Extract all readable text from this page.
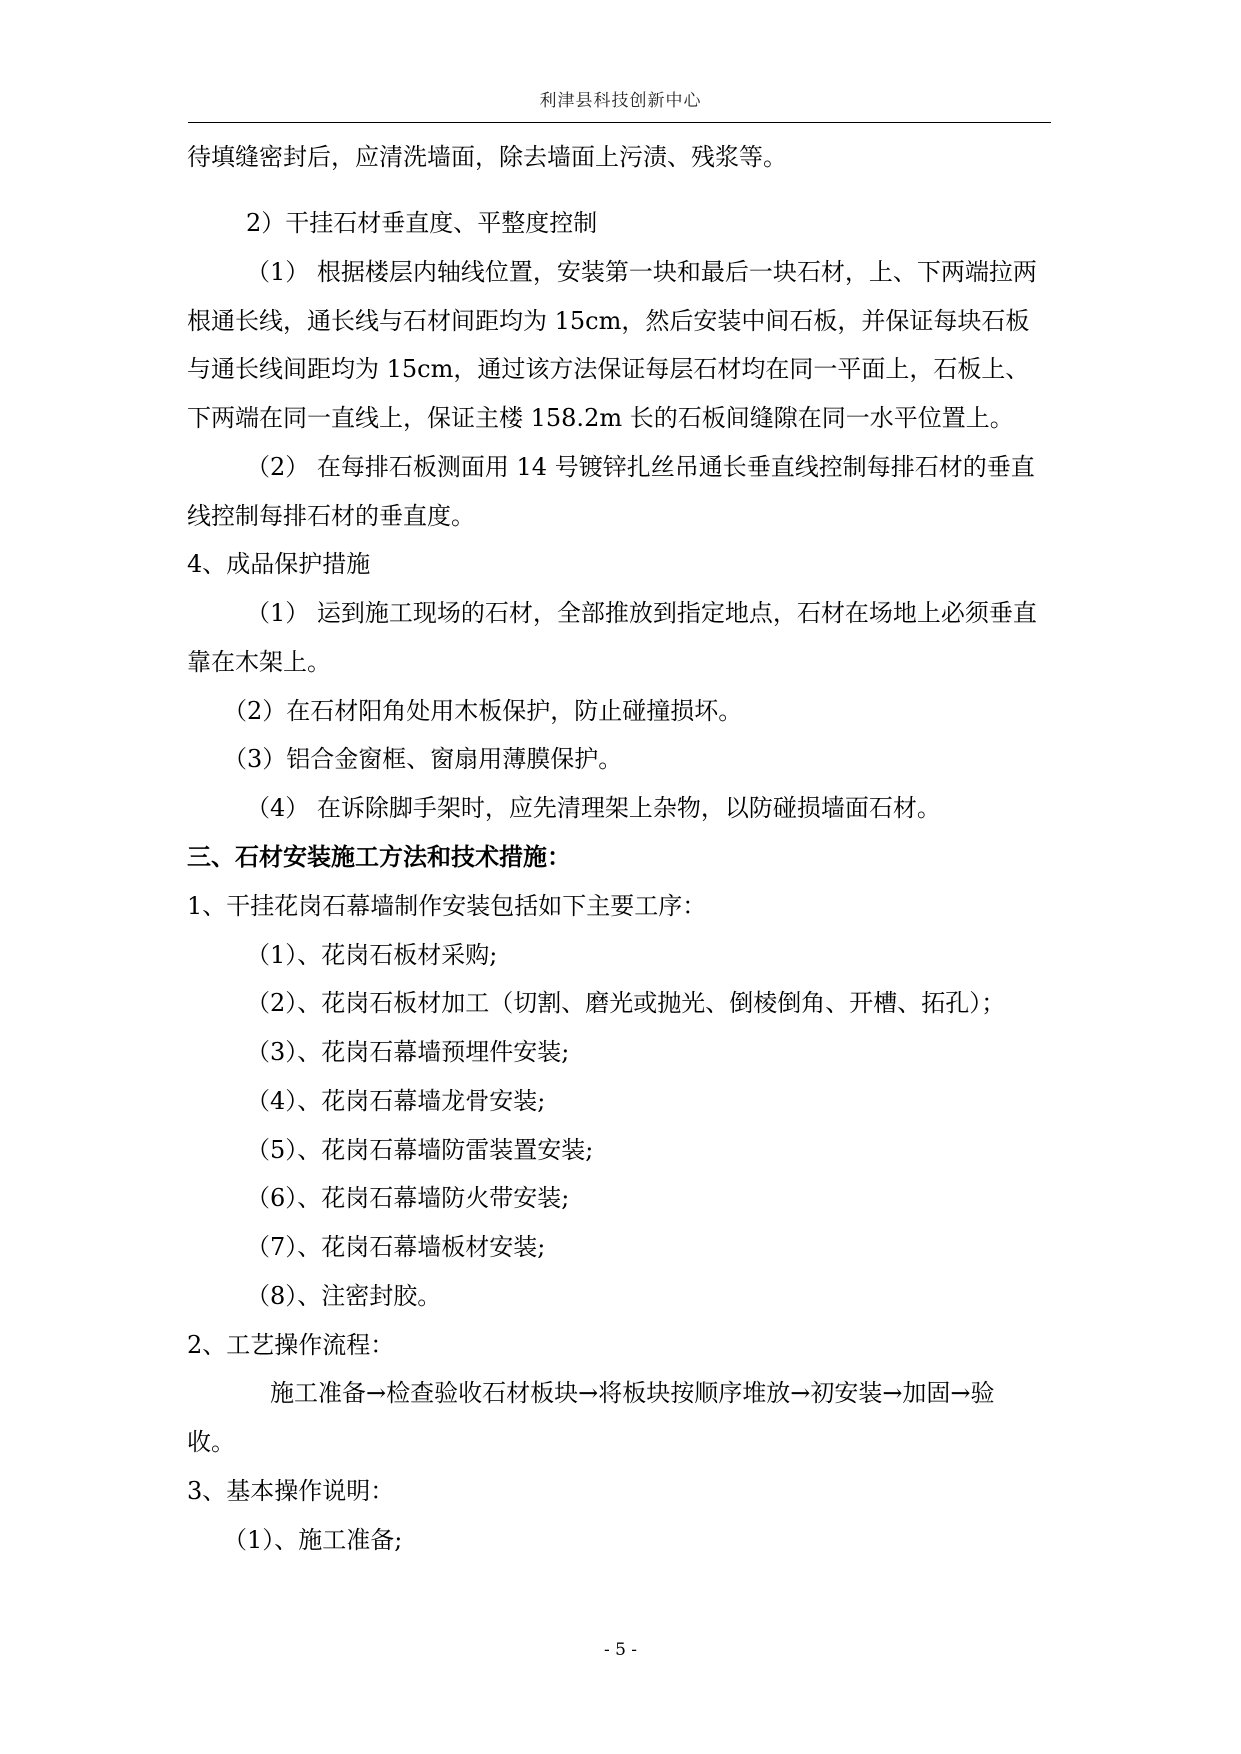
利津县科技创新中心
待填缝密封后，应清洗墙面，除去墙面上污渍、残浆等。
2）干挂石材垂直度、平整度控制
（1） 根据楼层内轴线位置，安装第一块和最后一块石材，上、下两端拉两
根通长线，通长线与石材间距均为 15cm，然后安装中间石板，并保证每块石板
与通长线间距均为 15cm，通过该方法保证每层石材均在同一平面上，石板上、
下两端在同一直线上，保证主楼 158.2m 长的石板间缝隙在同一水平位置上。
（2） 在每排石板测面用 14 号镀锌扎丝吊通长垂直线控制每排石材的垂直
线控制每排石材的垂直度。
4、成品保护措施
（1） 运到施工现场的石材，全部推放到指定地点，石材在场地上必须垂直
靠在木架上。
（2）在石材阳角处用木板保护，防止碰撞损坏。
（3）铝合金窗框、窗扇用薄膜保护。
（4） 在诉除脚手架时，应先清理架上杂物，以防碰损墙面石材。
三、石材安装施工方法和技术措施：
1、干挂花岗石幕墙制作安装包括如下主要工序：
（1）、花岗石板材采购;
（2）、花岗石板材加工（切割、磨光或抛光、倒棱倒角、开槽、拓孔）；
（3）、花岗石幕墙预埋件安装;
（4）、花岗石幕墙龙骨安装;
（5）、花岗石幕墙防雷装置安装;
（6）、花岗石幕墙防火带安装;
（7）、花岗石幕墙板材安装;
（8）、注密封胶。
2、工艺操作流程：
施工准备→检查验收石材板块→将板块按顺序堆放→初安装→加固→验
收。
3、基本操作说明：
（1）、施工准备;
- 5 -
